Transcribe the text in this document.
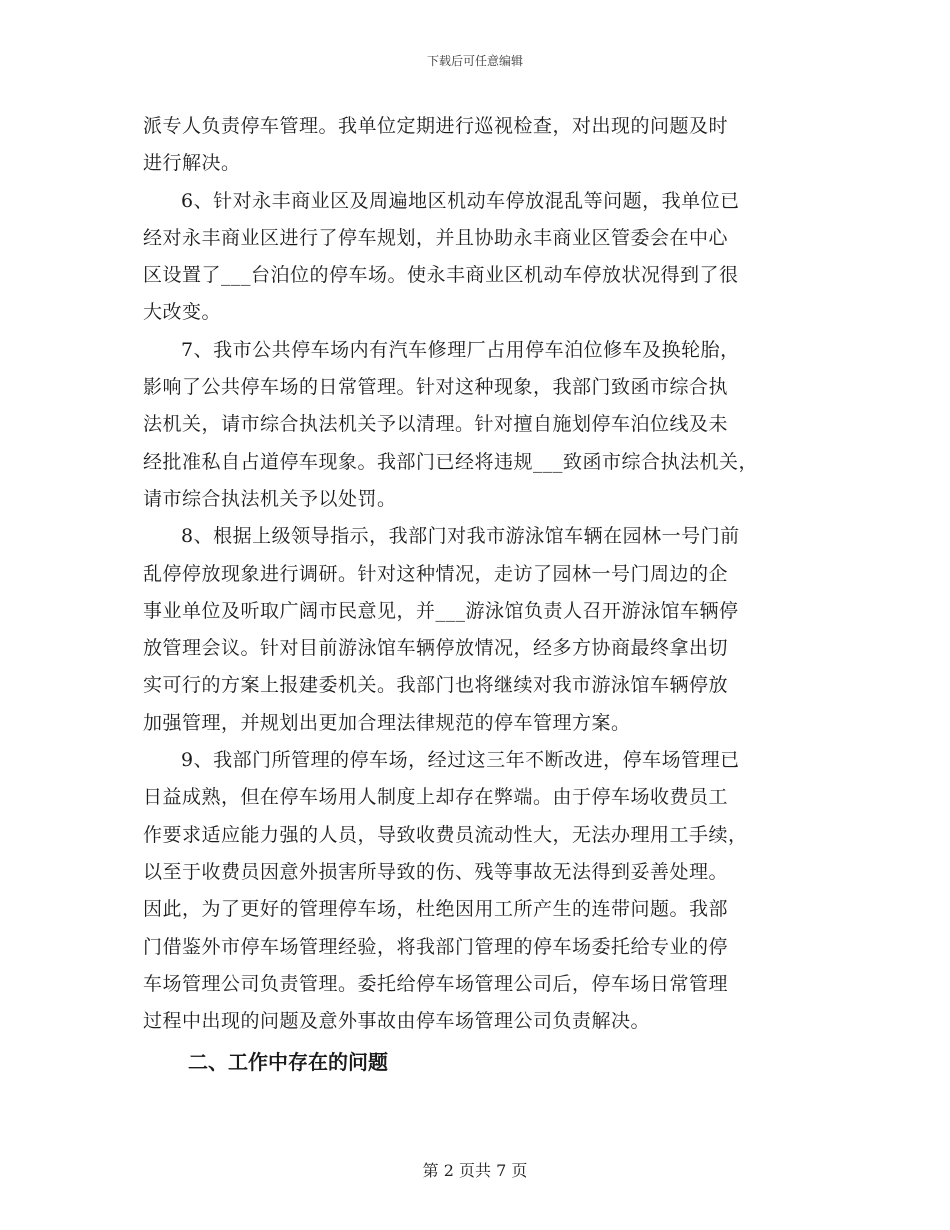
下载后可任意编辑
派专人负责停车管理。我单位定期进行巡视检查，对出现的问题及时
进行解决。
6、针对永丰商业区及周遍地区机动车停放混乱等问题，我单位已
经对永丰商业区进行了停车规划，并且协助永丰商业区管委会在中心
区设置了___台泊位的停车场。使永丰商业区机动车停放状况得到了很
大改变。
7、我市公共停车场内有汽车修理厂占用停车泊位修车及换轮胎，
影响了公共停车场的日常管理。针对这种现象，我部门致函市综合执
法机关，请市综合执法机关予以清理。针对擅自施划停车泊位线及未
经批准私自占道停车现象。我部门已经将违规___致函市综合执法机关，
请市综合执法机关予以处罚。
8、根据上级领导指示，我部门对我市游泳馆车辆在园林一号门前
乱停停放现象进行调研。针对这种情况，走访了园林一号门周边的企
事业单位及听取广阔市民意见，并___游泳馆负责人召开游泳馆车辆停
放管理会议。针对目前游泳馆车辆停放情况，经多方协商最终拿出切
实可行的方案上报建委机关。我部门也将继续对我市游泳馆车辆停放
加强管理，并规划出更加合理法律规范的停车管理方案。
9、我部门所管理的停车场，经过这三年不断改进，停车场管理已
日益成熟，但在停车场用人制度上却存在弊端。由于停车场收费员工
作要求适应能力强的人员，导致收费员流动性大，无法办理用工手续，
以至于收费员因意外损害所导致的伤、残等事故无法得到妥善处理。
因此，为了更好的管理停车场，杜绝因用工所产生的连带问题。我部
门借鉴外市停车场管理经验，将我部门管理的停车场委托给专业的停
车场管理公司负责管理。委托给停车场管理公司后，停车场日常管理
过程中出现的问题及意外事故由停车场管理公司负责解决。
二、工作中存在的问题
第 2 页共 7 页
